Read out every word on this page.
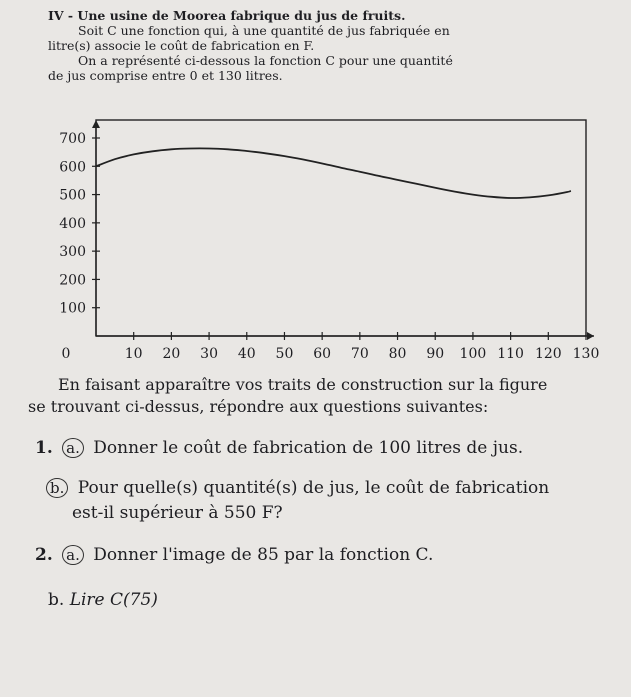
IV - Une usine de Moorea fabrique du jus de fruits.

Soit C une fonction qui, à une quantité de jus fabriquée en

litre(s) associe le coût de fabrication en F.

On a représenté ci-dessous la fonction C pour une quantité

de jus comprise entre 0 et 130 litres.

10 20 30 40 50 60 70 80 90 100 110 120 130
100
200
300
400
500
600
700
0

En faisant apparaître vos traits de construction sur la figure

se trouvant ci-dessus, répondre aux questions suivantes:

1. a. Donner le coût de fabrication de 100 litres de jus.
b. Pour quelle(s) quantité(s) de jus, le coût de fabrication
est-il supérieur à 550 F?
2. a. Donner l'image de 85 par la fonction C.
b. Lire C(75)
